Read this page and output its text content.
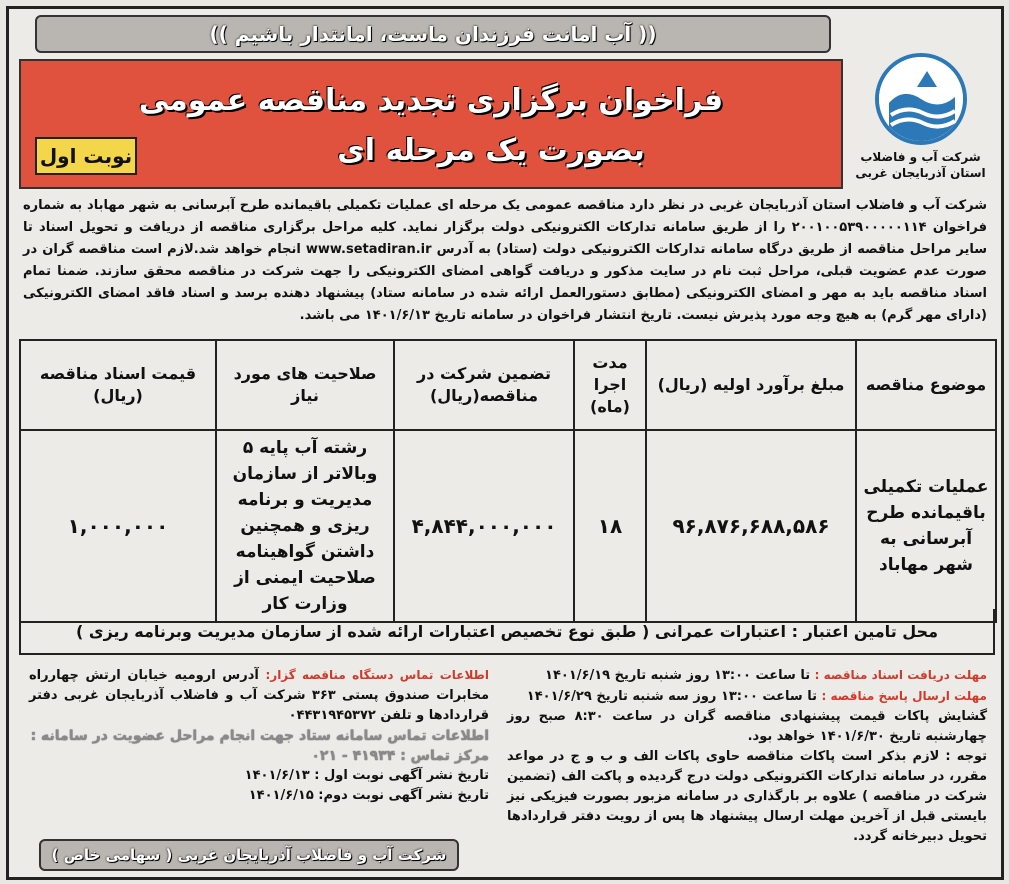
(( آب امانت فرزندان ماست، امانتدار باشیم ))
فراخوان برگزاری تجدید مناقصه عمومی
بصورت یک مرحله ای
نوبت اول	شرکت آب و فاضلاب
استان آذربایجان غربی
شرکت آب و فاضلاب استان آذربایجان غربی در نظر دارد مناقصه عمومی یک مرحله ای عملیات تکمیلی باقیمانده طرح آبرسانی به شهر مهاباد به شماره فراخوان ۲۰۰۱۰۰۵۳۹۰۰۰۰۰۱۱۴ را از طریق سامانه تدارکات الکترونیکی دولت برگزار نماید. کلیه مراحل برگزاری مناقصه از دریافت و تحویل اسناد تا سایر مراحل مناقصه از طریق درگاه سامانه تدارکات الکترونیکی دولت (ستاد) به آدرس www.setadiran.ir انجام خواهد شد.لازم است مناقصه گران در صورت عدم عضویت قبلی، مراحل ثبت نام در سایت مذکور و دریافت گواهی امضای الکترونیکی را جهت شرکت در مناقصه محقق سازند. ضمنا تمام اسناد مناقصه باید به مهر و امضای الکترونیکی (مطابق دستورالعمل ارائه شده در سامانه ستاد) پیشنهاد دهنده برسد و اسناد فاقد امضای الکترونیکی (دارای مهر گرم) به هیچ وجه مورد پذیرش نیست. تاریخ انتشار فراخوان در سامانه تاریخ ۱۴۰۱/۶/۱۳ می باشد.
موضوع مناقصه	مبلغ برآورد اولیه (ریال)	مدت اجرا (ماه)	تضمین شرکت در مناقصه(ریال)	صلاحیت های مورد نیاز	قیمت اسناد مناقصه (ریال)
عملیات تکمیلی باقیمانده طرح آبرسانی به شهر مهاباد	۹۶,۸۷۶,۶۸۸,۵۸۶	۱۸	۴,۸۴۴,۰۰۰,۰۰۰	رشته آب پایه ۵ وبالاتر از سازمان مدیریت و برنامه ریزی و همچنین داشتن گواهینامه صلاحیت ایمنی از وزارت کار	۱,۰۰۰,۰۰۰
محل تامین اعتبار : اعتبارات عمرانی ( طبق نوع تخصیص اعتبارات ارائه شده از سازمان مدیریت وبرنامه ریزی )
مهلت دریافت اسناد مناقصه : تا ساعت ۱۳:۰۰ روز شنبه تاریخ ۱۴۰۱/۶/۱۹
مهلت ارسال پاسخ مناقصه : تا ساعت ۱۳:۰۰ روز سه شنبه تاریخ ۱۴۰۱/۶/۲۹
گشایش پاکات قیمت پیشنهادی مناقصه گران در ساعت ۸:۳۰ صبح روز چهارشنبه تاریخ ۱۴۰۱/۶/۳۰ خواهد بود.
توجه : لازم بذکر است پاکات مناقصه حاوی پاکات الف و ب و ج در مواعد مقرر، در سامانه تدارکات الکترونیکی دولت درج گردیده و پاکت الف (تضمین شرکت در مناقصه ) علاوه بر بارگذاری در سامانه مزبور بصورت فیزیکی نیز بایستی قبل از آخرین مهلت ارسال پیشنهاد ها پس از رویت دفتر قراردادها تحویل دبیرخانه گردد.
اطلاعات تماس دستگاه مناقصه گزار: آدرس ارومیه خیابان ارتش چهارراه مخابرات صندوق پستی ۳۶۳ شرکت آب و فاضلاب آذربایجان غربی دفتر قراردادها و تلفن ۰۴۴۳۱۹۴۵۳۷۲
اطلاعات تماس سامانه ستاد جهت انجام مراحل عضویت در سامانه :
مرکز تماس : ۴۱۹۳۴ - ۰۲۱
تاریخ نشر آگهی نوبت اول : ۱۴۰۱/۶/۱۳
تاریخ نشر آگهی نوبت دوم: ۱۴۰۱/۶/۱۵
شرکت آب و فاضلاب آذربایجان غربی ( سهامی خاص )
